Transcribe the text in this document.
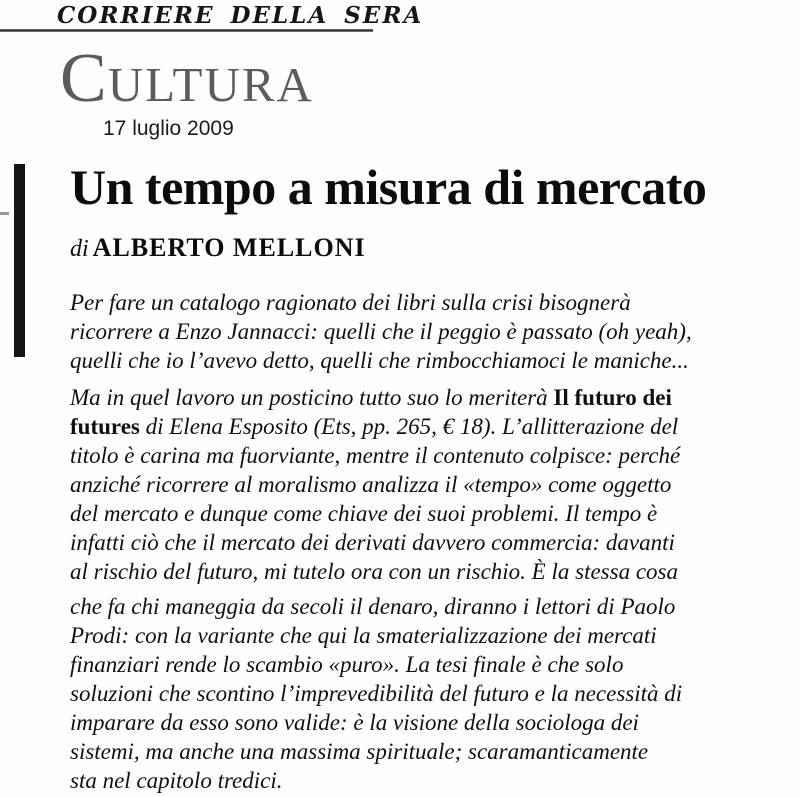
CORRIERE DELLA SERA
CULTURA
17 luglio 2009
Un tempo a misura di mercato
di ALBERTO MELLONI
Per fare un catalogo ragionato dei libri sulla crisi bisognerà
ricorrere a Enzo Jannacci: quelli che il peggio è passato (oh yeah),
quelli che io l’avevo detto, quelli che rimbocchiamoci le maniche...
Ma in quel lavoro un posticino tutto suo lo meriterà Il futuro dei
futures di Elena Esposito (Ets, pp. 265, € 18). L’allitterazione del
titolo è carina ma fuorviante, mentre il contenuto colpisce: perché
anziché ricorrere al moralismo analizza il «tempo» come oggetto
del mercato e dunque come chiave dei suoi problemi. Il tempo è
infatti ciò che il mercato dei derivati davvero commercia: davanti
al rischio del futuro, mi tutelo ora con un rischio. È la stessa cosa
che fa chi maneggia da secoli il denaro, diranno i lettori di Paolo
Prodi: con la variante che qui la smaterializzazione dei mercati
finanziari rende lo scambio «puro». La tesi finale è che solo
soluzioni che scontino l’imprevedibilità del futuro e la necessità di
imparare da esso sono valide: è la visione della sociologa dei
sistemi, ma anche una massima spirituale; scaramanticamente
sta nel capitolo tredici.
